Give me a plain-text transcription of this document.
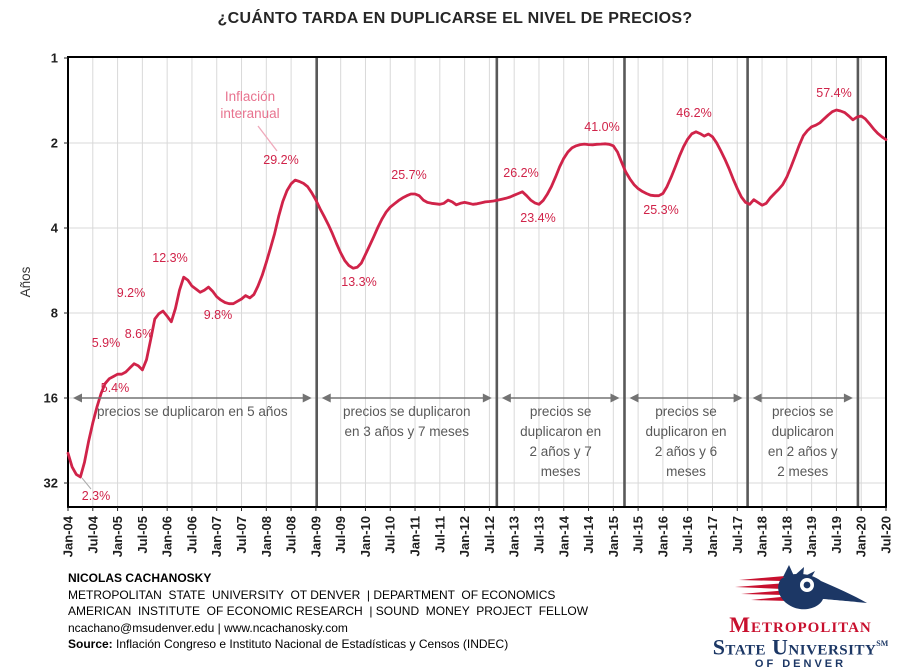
¿CUÁNTO TARDA EN DUPLICARSE EL NIVEL DE PRECIOS?
precios se duplicaron en 5 años	precios se duplicaron en 3 años y 7 meses
precios se duplicaron en 2 años y 7 meses
precios se duplicaron en 2 años y 6 meses
precios se duplicaron en 2 años y 2 meses
Jan-04 Jul-04 Jan-05 Jul-05 Jan-06 Jul-06 Jan-07 Jul-07 Jan-08 Jul-08 Jan-09 Jul-09 Jan-10 Jul-10 Jan-11 Jul-11 Jan-12 Jul-12 Jan-13 Jul-13 Jan-14 Jul-14 Jan-15 Jul-15 Jan-16 Jul-16 Jan-17 Jul-17 Jan-18 Jul-18 Jan-19 Jul-19 Jan-20 Jul-20
1
2
4
8
16
32
Años
Inflación interanual
2.3%
5.4%
5.9%
8.6%
9.2%
12.3%
9.8%
29.2%
13.3%
25.7%	26.2%
23.4%
41.0%
25.3%
46.2%
57.4%
NICOLAS CACHANOSKY
METROPOLITAN  STATE  UNIVERSITY  OT DENVER  | DEPARTMENT  OF ECONOMICS
AMERICAN  INSTITUTE  OF ECONOMIC RESEARCH  | SOUND  MONEY  PROJECT  FELLOW
ncachano@msudenver.edu | www.ncachanosky.com
Source: Inflación Congreso e Instituto Nacional de Estadísticas y Censos (INDEC)

Metropolitan
State University℠
OF DENVER
